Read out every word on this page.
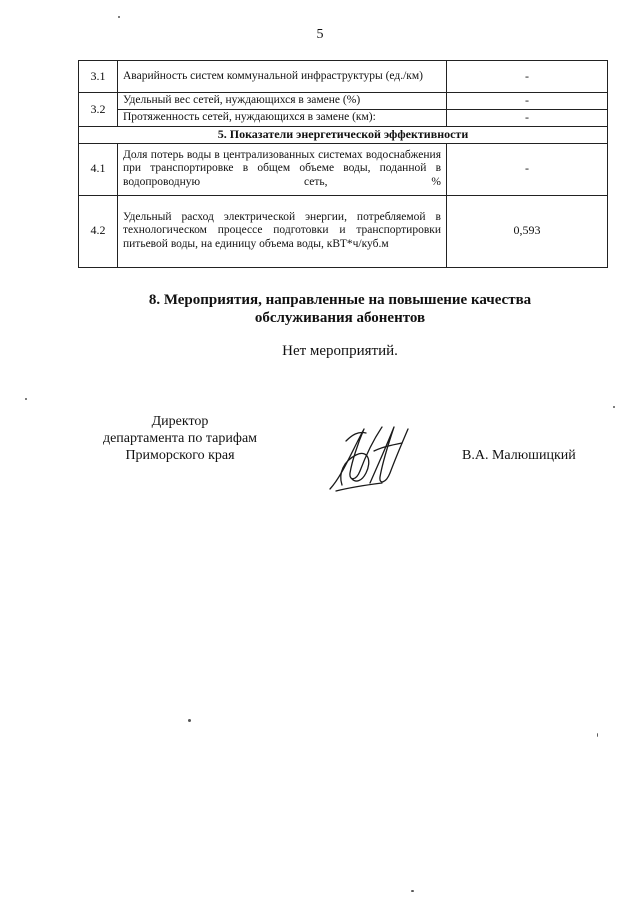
5
3.1	Аварийность систем коммунальной инфраструктуры (ед./км)	-
3.2	Удельный вес сетей, нуждающихся в замене (%)	-
	Протяженность сетей, нуждающихся в замене (км):	-
5. Показатели энергетической эффективности		
4.1	Доля потерь воды в централизованных системах водоснабжения при транспортировке в общем объеме воды, поданной в водопроводную сеть, %	-
4.2	Удельный расход электрической энергии, потребляемой в технологическом процессе подготовки и транспортировки питьевой воды, на единицу объема воды, кВТ*ч/куб.м	0,593
8. Мероприятия, направленные на повышение качества
обслуживания абонентов
Нет мероприятий.
Директор
департамента по тарифам
Приморского края	В.А. Малюшицкий
